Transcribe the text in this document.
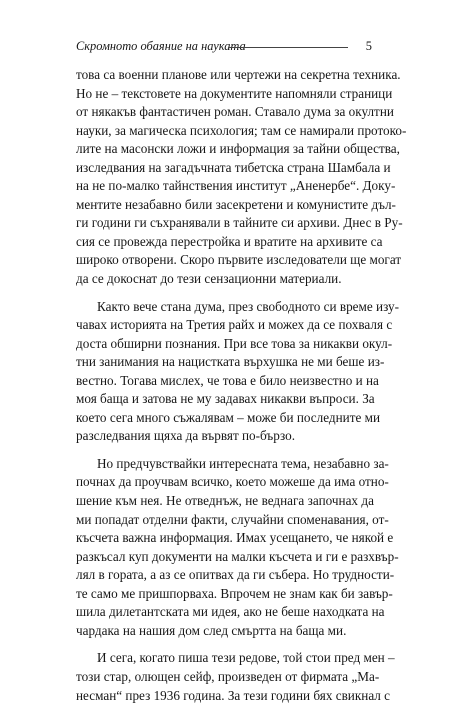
Скромното обаяние на науката	5
това са военни планове или чертежи на секретна техника.
Но не – текстовете на документите напомняли страници
от някакъв фантастичен роман. Ставало дума за окултни
науки, за магическа психология; там се намирали протоко-
лите на масонски ложи и информация за тайни общества,
изследвания на загадъчната тибетска страна Шамбала и
на не по-малко тайнствения институт „Аненербе“. Доку-
ментите незабавно били засекретени и комунистите дъл-
ги години ги съхранявали в тайните си архиви. Днес в Ру-
сия се провежда перестройка и вратите на архивите са
широко отворени. Скоро първите изследователи ще могат
да се докоснат до тези сензационни материали.
Както вече стана дума, през свободното си време изу-
чавах историята на Третия райх и можех да се похваля с
доста обширни познания. При все това за никакви окул-
тни занимания на нацистката върхушка не ми беше из-
вестно. Тогава мислех, че това е било неизвестно и на
моя баща и затова не му задавах никакви въпроси. За
което сега много съжалявам – може би последните ми
разследвания щяха да вървят по-бързо.
Но предчувствайки интересната тема, незабавно за-
почнах да проучвам всичко, което можеше да има отно-
шение към нея. Не отведнъж, не веднага започнах да
ми попадат отделни факти, случайни споменавания, от-
късчета важна информация. Имах усещането, че някой е
разкъсал куп документи на малки късчета и ги е разхвър-
лял в гората, а аз се опитвах да ги събера. Но трудности-
те само ме пришпорваха. Впрочем не знам как би завър-
шила дилетантската ми идея, ако не беше находката на
чардака на нашия дом след смъртта на баща ми.
И сега, когато пиша тези редове, той стои пред мен –
този стар, олющен сейф, произведен от фирмата „Ма-
несман“ през 1936 година. За тези години бях свикнал с
